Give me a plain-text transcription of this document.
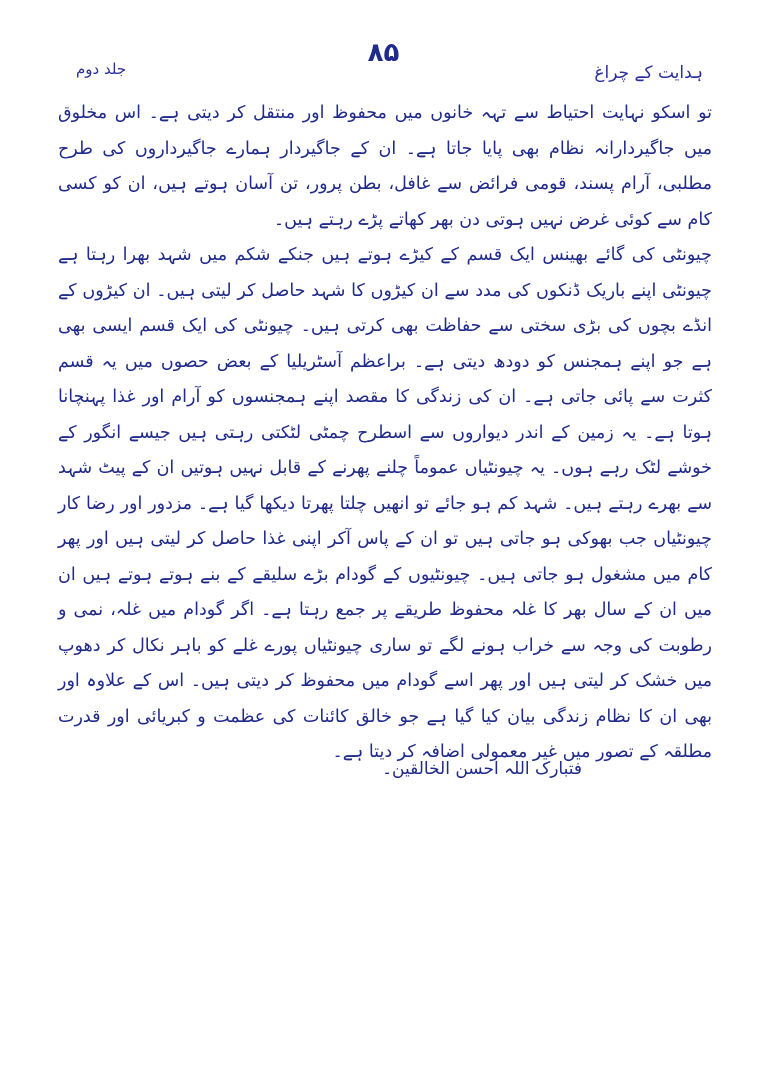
۸۵
ہدایت کے چراغ
جلد دوم

تو اسکو نہایت احتیاط سے تہہ خانوں میں محفوظ اور منتقل کر دیتی ہے۔ اس مخلوق میں جاگیردارانہ نظام بھی پایا جاتا ہے۔ ان کے جاگیردار ہمارے جاگیرداروں کی طرح مطلبی، آرام پسند، قومی فرائض سے غافل، بطن پرور، تن آسان ہوتے ہیں، ان کو کسی کام سے کوئی غرض نہیں ہوتی دن بھر کھاتے پڑے رہتے ہیں۔

چیونٹی کی گائے بھینس ایک قسم کے کیڑے ہوتے ہیں جنکے شکم میں شہد بھرا رہتا ہے چیونٹی اپنے باریک ڈنکوں کی مدد سے ان کیڑوں کا شہد حاصل کر لیتی ہیں۔ ان کیڑوں کے انڈے بچوں کی بڑی سختی سے حفاظت بھی کرتی ہیں۔ چیونٹی کی ایک قسم ایسی بھی ہے جو اپنے ہمجنس کو دودھ دیتی ہے۔ براعظم آسٹریلیا کے بعض حصوں میں یہ قسم کثرت سے پائی جاتی ہے۔ ان کی زندگی کا مقصد اپنے ہمجنسوں کو آرام اور غذا پہنچانا ہوتا ہے۔ یہ زمین کے اندر دیواروں سے اسطرح چمٹی لٹکتی رہتی ہیں جیسے انگور کے خوشے لٹک رہے ہوں۔ یہ چیونٹیاں عموماً چلنے پھرنے کے قابل نہیں ہوتیں ان کے پیٹ شہد سے بھرے رہتے ہیں۔ شہد کم ہو جائے تو انھیں چلتا پھرتا دیکھا گیا ہے۔ مزدور اور رضا کار چیونٹیاں جب بھوکی ہو جاتی ہیں تو ان کے پاس آکر اپنی غذا حاصل کر لیتی ہیں اور پھر کام میں مشغول ہو جاتی ہیں۔ چیونٹیوں کے گودام بڑے سلیقے کے بنے ہوتے ہوتے ہیں ان میں ان کے سال بھر کا غلہ محفوظ طریقے پر جمع رہتا ہے۔ اگر گودام میں غلہ، نمی و رطوبت کی وجہ سے خراب ہونے لگے تو ساری چیونٹیاں پورے غلے کو باہر نکال کر دھوپ میں خشک کر لیتی ہیں اور پھر اسے گودام میں محفوظ کر دیتی ہیں۔ اس کے علاوہ اور بھی ان کا نظام زندگی بیان کیا گیا ہے جو خالق کائنات کی عظمت و کبریائی اور قدرت مطلقہ کے تصور میں غیر معمولی اضافہ کر دیتا ہے۔

فتبارک اللہ احسن الخالقین۔
